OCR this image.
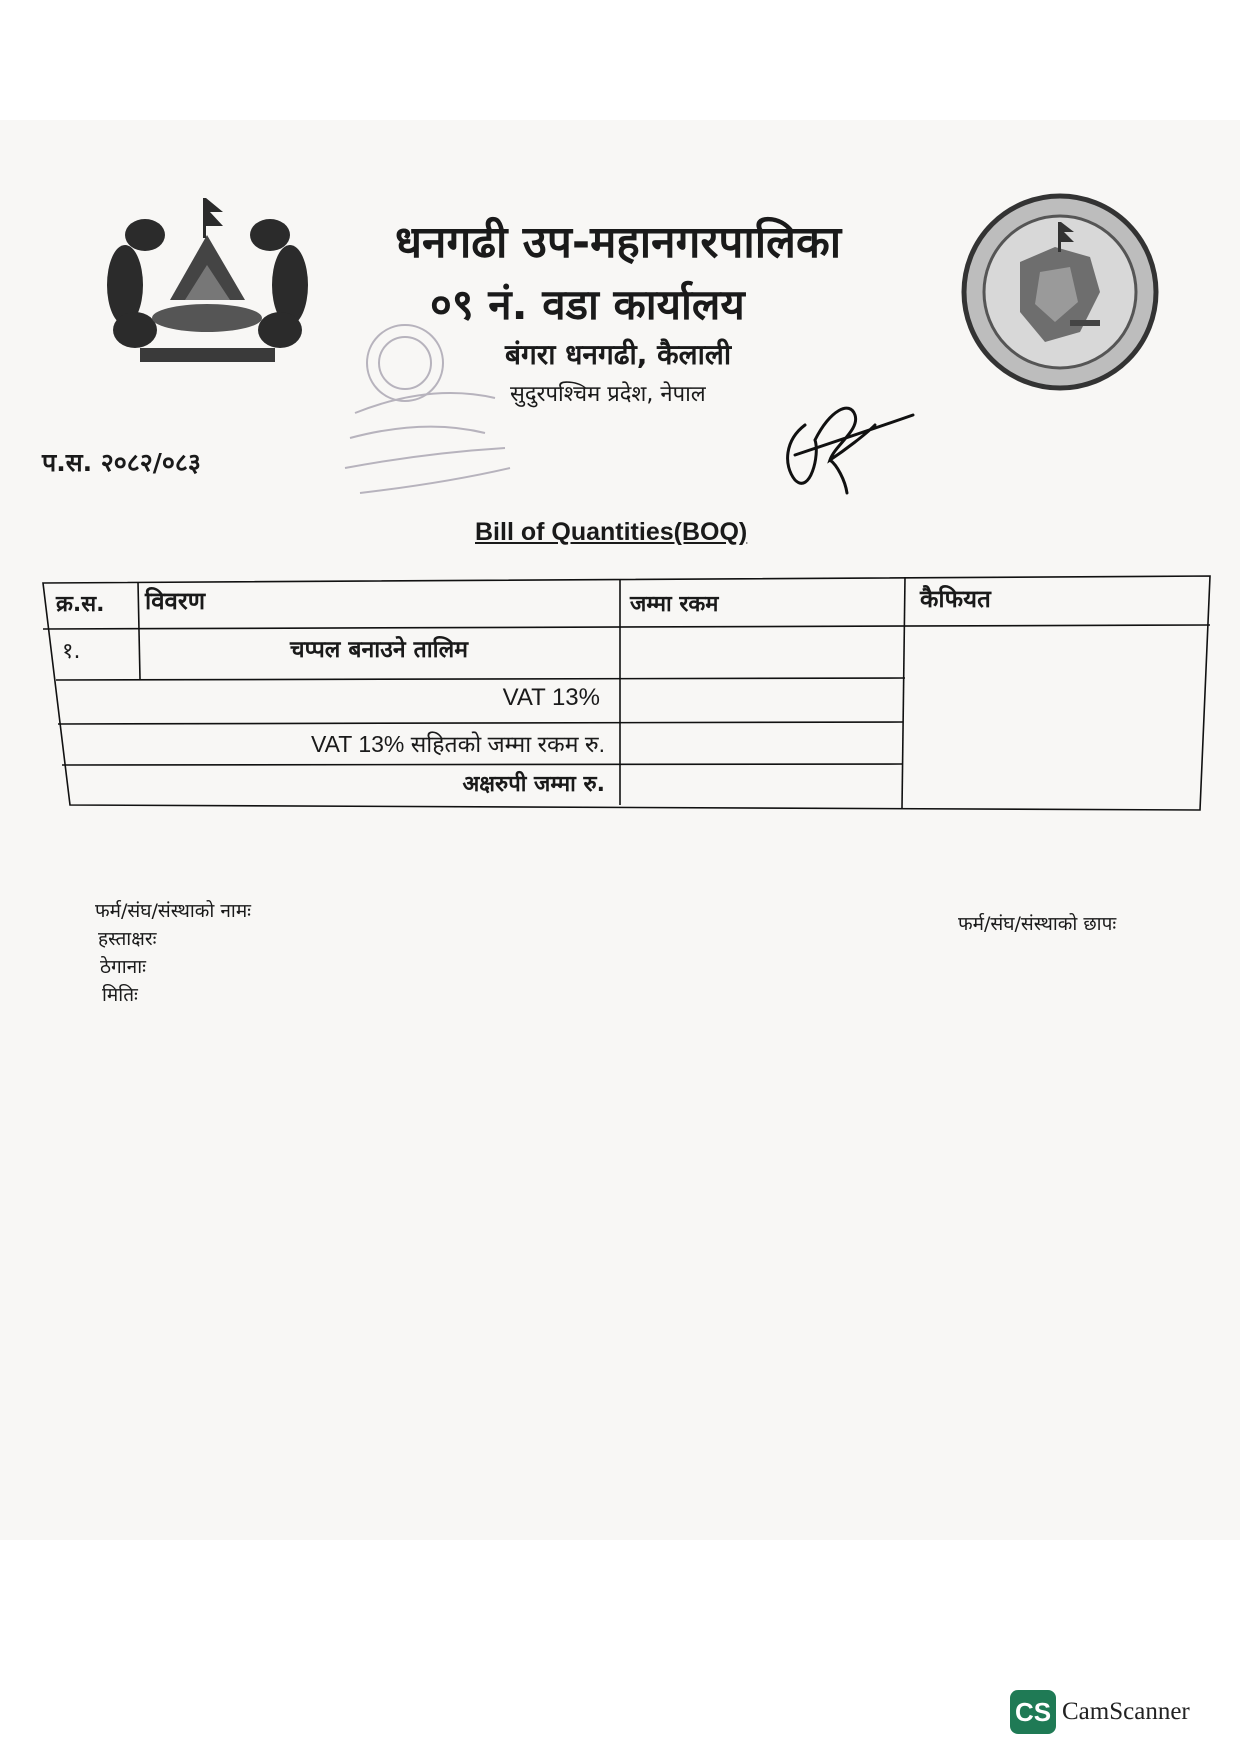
धनगढी उप-महानगरपालिका
०९ नं. वडा कार्यालय
बंगरा धनगढी, कैलाली
सुदुरपश्चिम प्रदेश, नेपाल
प.स. २०८२/०८३
Bill of Quantities(BOQ)
क्र.स. विवरण	जम्मा रकम	कैफियत
१.	चप्पल बनाउने तालिम
VAT 13%
VAT 13% सहितको जम्मा रकम रु.
अक्षरुपी जम्मा रु.
फर्म/संघ/संस्थाको नामः
हस्ताक्षरः
ठेगानाः
मितिः
फर्म/संघ/संस्थाको छापः
CS CamScanner
